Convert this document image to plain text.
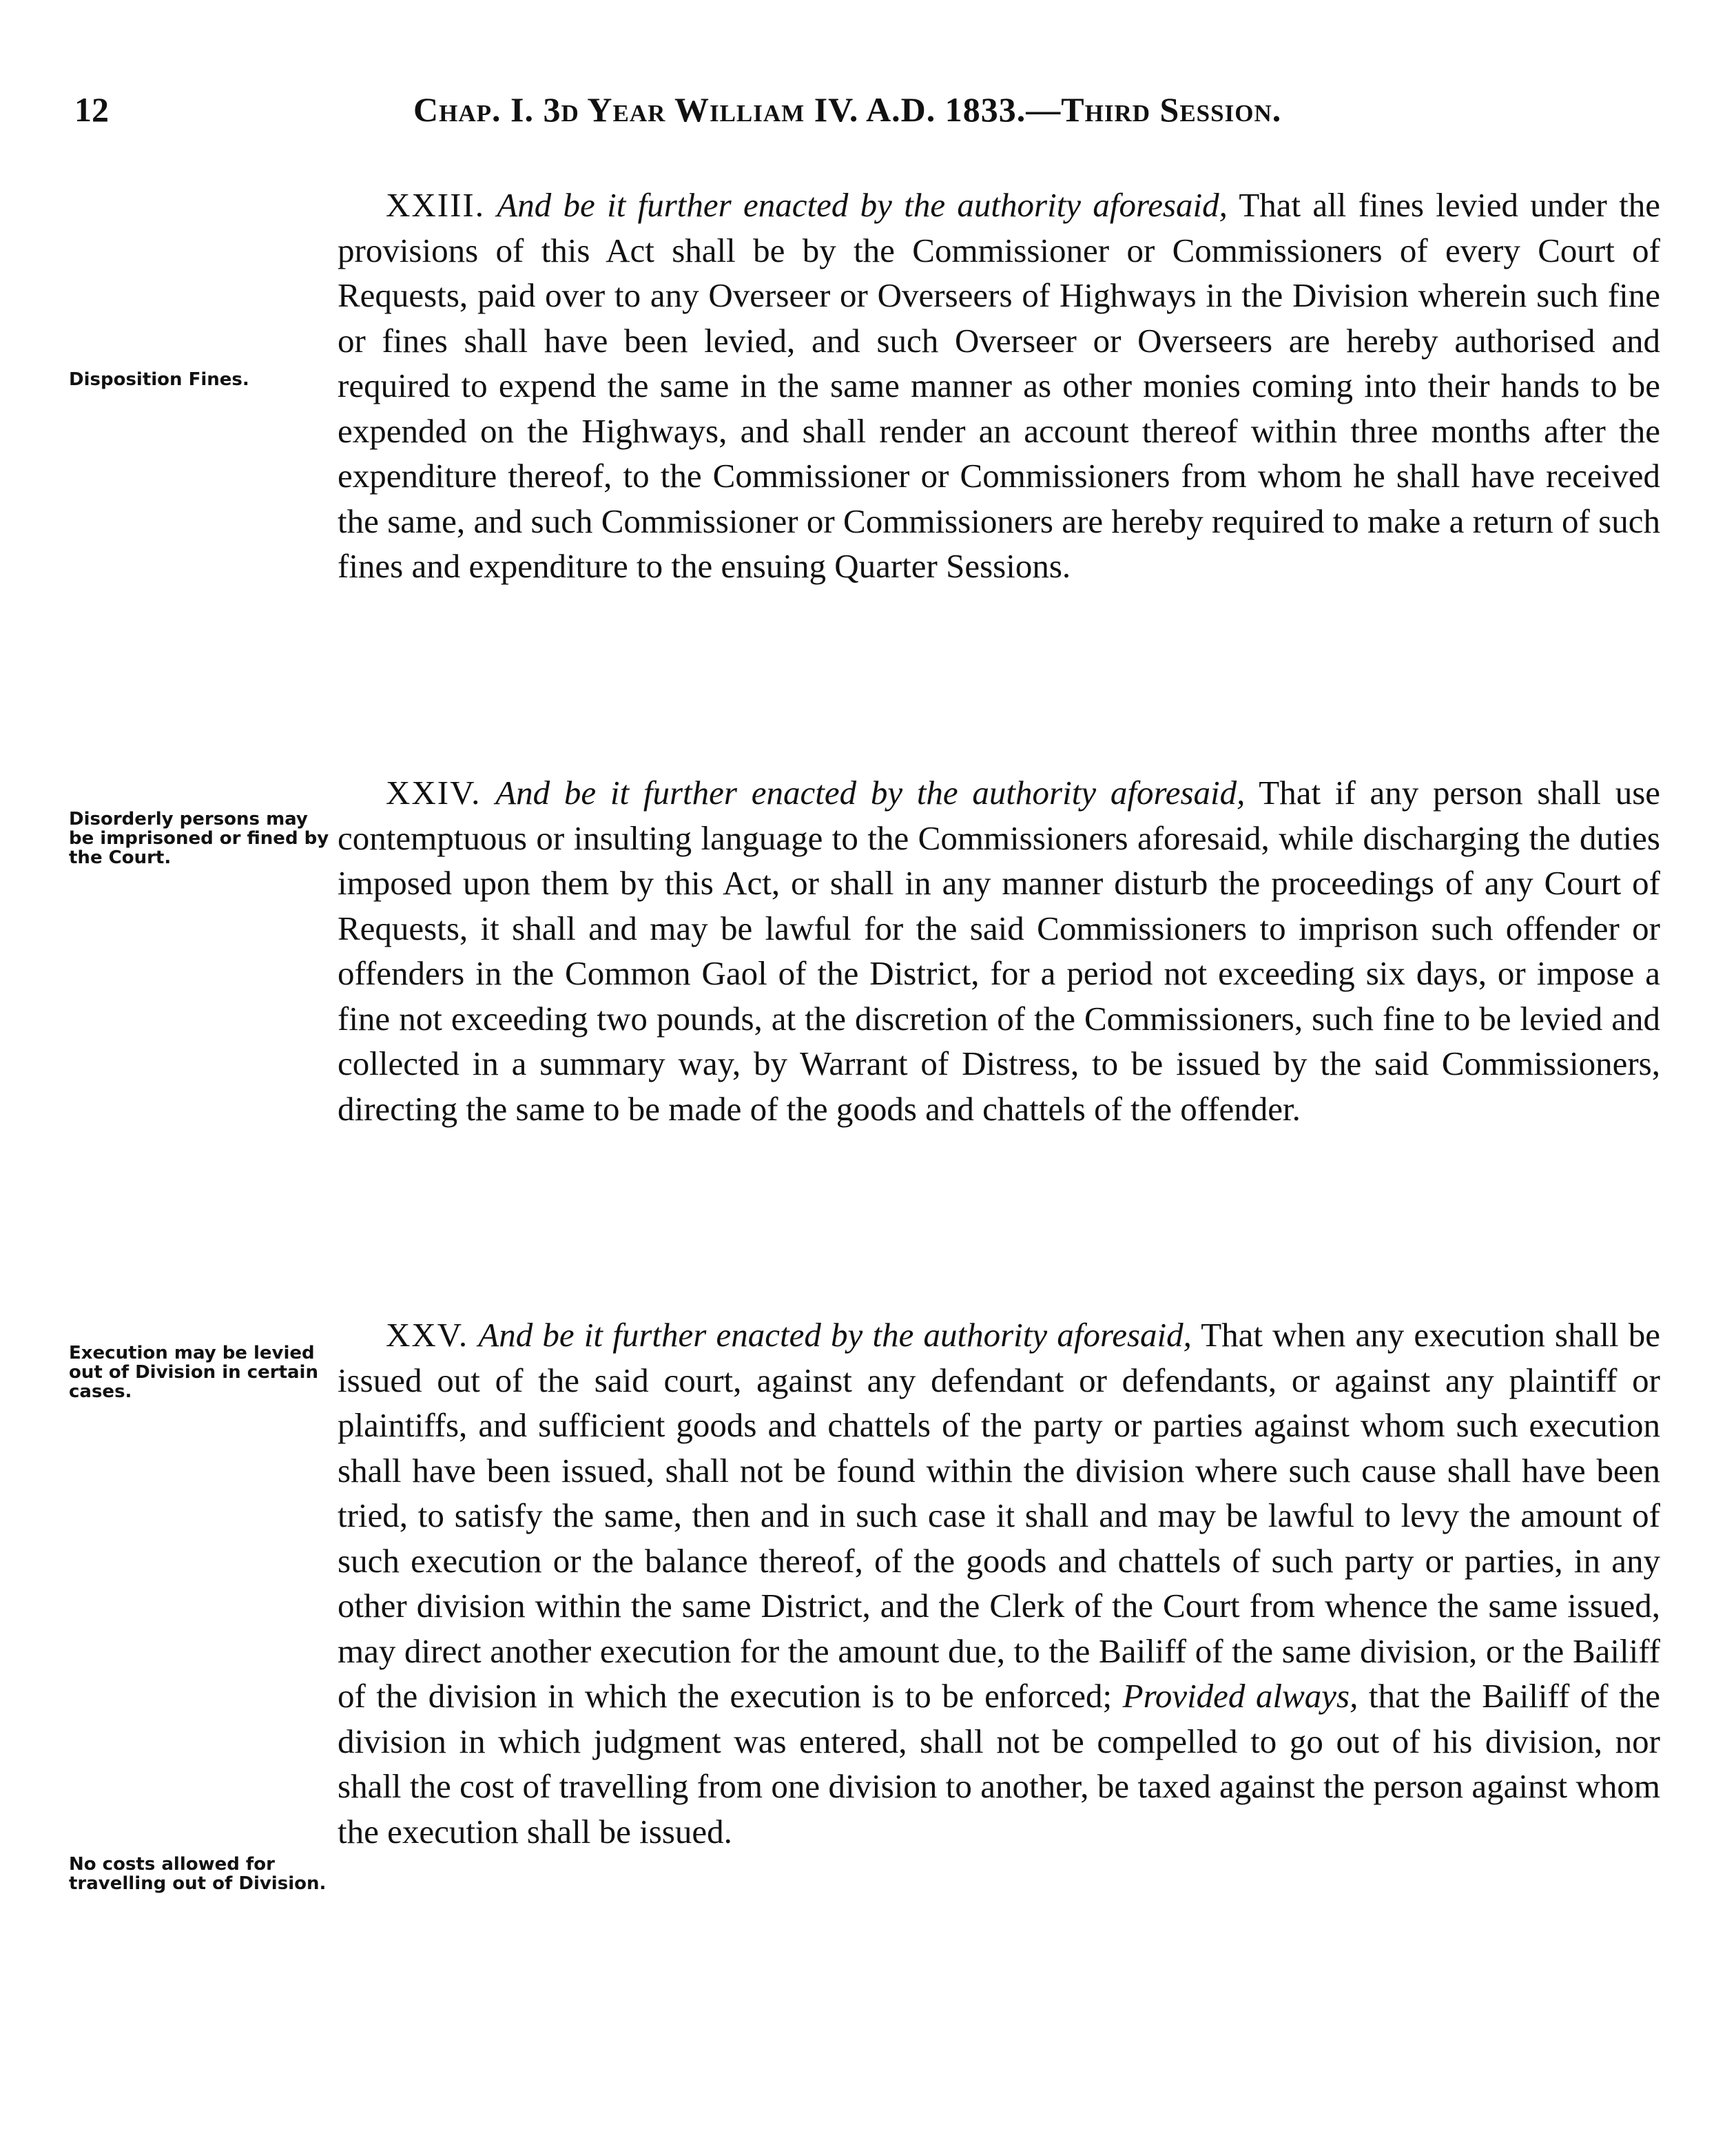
12	Chap. I. 3d Year William IV. A.D. 1833.—Third Session.
Disposition Fines.
Disorderly persons may be imprisoned or fined by the Court.
Execution may be levied out of Division in certain cases.
No costs allowed for travelling out of Division.

XXIII. And be it further enacted by the authority aforesaid, That all fines levied under the provisions of this Act shall be by the Commissioner or Commissioners of every Court of Requests, paid over to any Overseer or Overseers of Highways in the Division wherein such fine or fines shall have been levied, and such Overseer or Overseers are hereby authorised and required to expend the same in the same manner as other monies coming into their hands to be expended on the Highways, and shall render an account thereof within three months after the expenditure thereof, to the Commissioner or Commissioners from whom he shall have received the same, and such Commissioner or Commissioners are hereby required to make a return of such fines and expenditure to the ensuing Quarter Sessions.

XXIV. And be it further enacted by the authority aforesaid, That if any person shall use contemptuous or insulting language to the Commissioners aforesaid, while discharging the duties imposed upon them by this Act, or shall in any manner disturb the proceedings of any Court of Requests, it shall and may be lawful for the said Commissioners to imprison such offender or offenders in the Common Gaol of the District, for a period not exceeding six days, or impose a fine not exceeding two pounds, at the discretion of the Commissioners, such fine to be levied and collected in a summary way, by Warrant of Distress, to be issued by the said Commissioners, directing the same to be made of the goods and chattels of the offender.

XXV. And be it further enacted by the authority aforesaid, That when any execution shall be issued out of the said court, against any defendant or defendants, or against any plaintiff or plaintiffs, and sufficient goods and chattels of the party or parties against whom such execution shall have been issued, shall not be found within the division where such cause shall have been tried, to satisfy the same, then and in such case it shall and may be lawful to levy the amount of such execution or the balance thereof, of the goods and chattels of such party or parties, in any other division within the same District, and the Clerk of the Court from whence the same issued, may direct another execution for the amount due, to the Bailiff of the same division, or the Bailiff of the division in which the execution is to be enforced; Provided always, that the Bailiff of the division in which judgment was entered, shall not be compelled to go out of his division, nor shall the cost of travelling from one division to another, be taxed against the person against whom the execution shall be issued.
